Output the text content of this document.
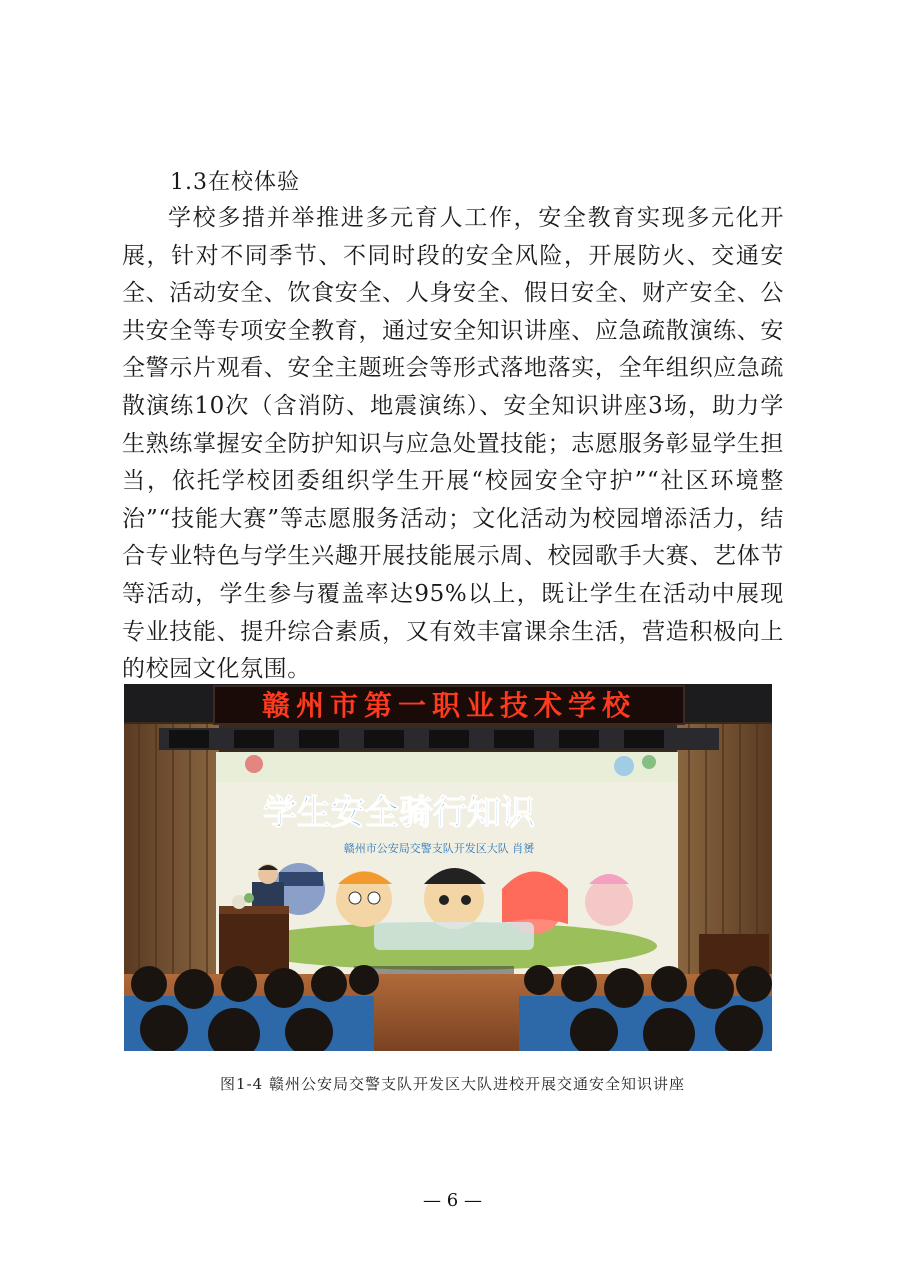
1.3在校体验

学校多措并举推进多元育人工作，安全教育实现多元化开展，针对不同季节、不同时段的安全风险，开展防火、交通安全、活动安全、饮食安全、人身安全、假日安全、财产安全、公共安全等专项安全教育，通过安全知识讲座、应急疏散演练、安全警示片观看、安全主题班会等形式落地落实，全年组织应急疏散演练10次（含消防、地震演练）、安全知识讲座3场，助力学生熟练掌握安全防护知识与应急处置技能；志愿服务彰显学生担当，依托学校团委组织学生开展“校园安全守护”“社区环境整治”“技能大赛”等志愿服务活动；文化活动为校园增添活力，结合专业特色与学生兴趣开展技能展示周、校园歌手大赛、艺体节等活动，学生参与覆盖率达95%以上，既让学生在活动中展现专业技能、提升综合素质，又有效丰富课余生活，营造积极向上的校园文化氛围。

赣州市第一职业技术学校
学生安全骑行知识
赣州市公安局交警支队开发区大队 肖赟
图1-4 赣州公安局交警支队开发区大队进校开展交通安全知识讲座
— 6 —
